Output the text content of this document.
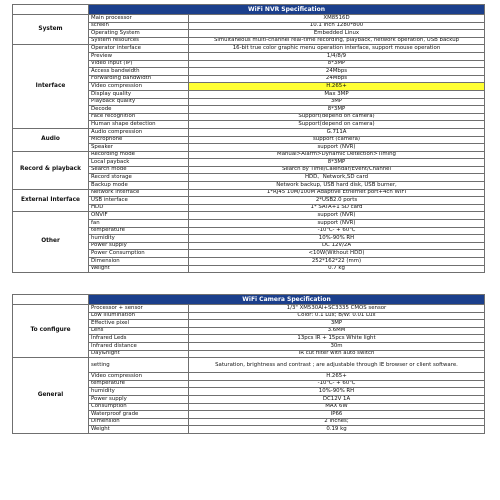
	WiFi NVR Specification	
System	Main processor	XM8516D
	screen	10.1 inch 1280*800
	Operating System	Embedded Linux
	System resources	Simultaneous multi-channel real-time recording, playback, network operation, USB backup
Interface	Operator interface	16-bit true color graphic menu operation interface, support mouse operation
	Preview	1/4/8/9
	Video input (IP)	8*3MP
	Access bandwidth	24Mbps
	Forwarding bandwidth	24Mbps
	Video compression	H.265+
	Display quality	Max 3MP
	Playback quality	3MP
	Decode	8*3MP
	Face recognition	Support(depend on camera)
	Human shape detection	Support(depend on camera)
Audio	Audio compression	G.711A
	Microphone	support (camera)
	Speaker	support (NVR)
Record & playback	Recording mode	Manual>Alarm>Dynamic Detection>Timing
	Local payback	8*3MP
	Search mode	Search by Time/Calendar/Event/Channel
	Record storage	HDD、Network,SD card
	Backup mode	Network backup, USB hard disk, USB burner,
External Interface	Network interface	1*RJ45 10M/100M Adaptive Ethernet port+4ch WIFI
	USB interface	2*USB2.0 ports
	HDD	1* SATA+1 SD card
Other	ONVIF	support (NVR)
	fan	support (NVR)
	temperature	-10℃- + 60℃
	humidity	10%-90% RH
	Power supply	DC 12V/2A
	Power Consumption	<10W(Without HDD)
	Dimension	252*162*22 (mm)
	Weight	0.7 kg
	WiFi Camera Specification	
To configure	Processor + sensor	1/3" XM530AI+SC3335 CMOS sensor
	Low illumination	Color: 0.1 Lux; B/W: 0.01 Lux
	Effective pixel	3MP
	Lens	3.6MM
	Infrared Leds	13pcs IR + 15pcs White light
	Infrared distance	30m
	Day&night	IR cut filter with auto switch
General	setting	Saturation, brightness and contrast ; are adjustable through IE browser or client software.
	Video compression	H.265+
	temperature	-10℃- + 60℃
	humidity	10%-90% RH
	Power supply	DC12V 1A
	Consumption	MAX 6W
	Waterproof grade	IP66
	Dimension	2 inches;
	Weight	0.19 kg
